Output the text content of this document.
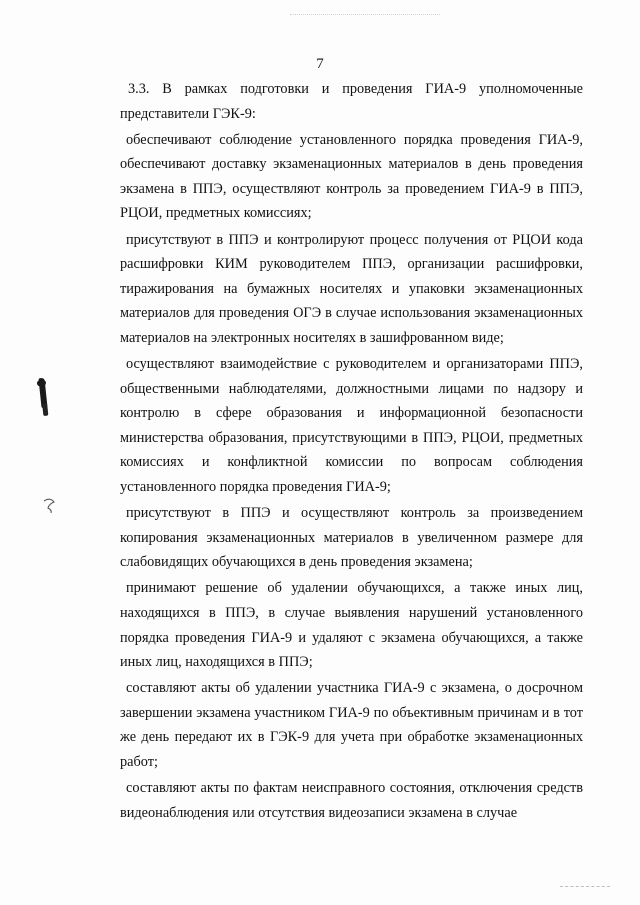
7

3.3. В рамках подготовки и проведения ГИА-9 уполномоченные представители ГЭК-9:

обеспечивают соблюдение установленного порядка проведения ГИА-9, обеспечивают доставку экзаменационных материалов в день проведения экзамена в ППЭ, осуществляют контроль за проведением ГИА-9 в ППЭ, РЦОИ, предметных комиссиях;

присутствуют в ППЭ и контролируют процесс получения от РЦОИ кода расшифровки КИМ руководителем ППЭ, организации расшифровки, тиражирования на бумажных носителях и упаковки экзаменационных материалов для проведения ОГЭ в случае использования экзаменационных материалов на электронных носителях в зашифрованном виде;

осуществляют взаимодействие с руководителем и организаторами ППЭ, общественными наблюдателями, должностными лицами по надзору и контролю в сфере образования и информационной безопасности министерства образования, присутствующими в ППЭ, РЦОИ, предметных комиссиях и конфликтной комиссии по вопросам соблюдения установленного порядка проведения ГИА-9;

присутствуют в ППЭ и осуществляют контроль за произведением копирования экзаменационных материалов в увеличенном размере для слабовидящих обучающихся в день проведения экзамена;

принимают решение об удалении обучающихся, а также иных лиц, находящихся в ППЭ, в случае выявления нарушений установленного порядка проведения ГИА-9 и удаляют с экзамена обучающихся, а также иных лиц, находящихся в ППЭ;

составляют акты об удалении участника ГИА-9 с экзамена, о досрочном завершении экзамена участником ГИА-9 по объективным причинам и в тот же день передают их в ГЭК-9 для учета при обработке экзаменационных работ;

составляют акты по фактам неисправного состояния, отключения средств видеонаблюдения или отсутствия видеозаписи экзамена в случае
